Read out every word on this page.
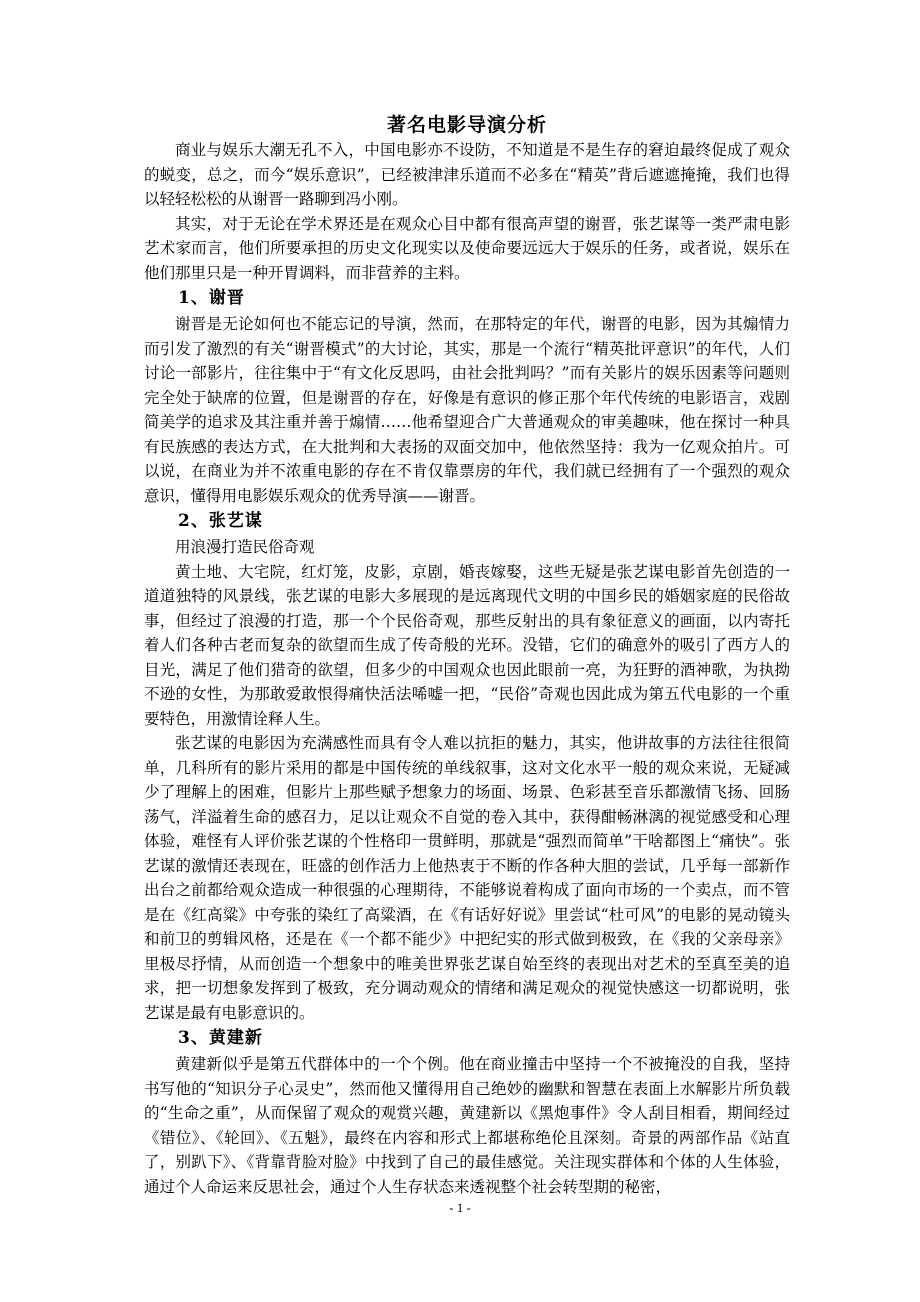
著名电影导演分析

商业与娱乐大潮无孔不入，中国电影亦不设防，不知道是不是生存的窘迫最终促成了观众的蜕变，总之，而今“娱乐意识”，已经被津津乐道而不必多在“精英”背后遮遮掩掩，我们也得以轻轻松松的从谢晋一路聊到冯小刚。

其实，对于无论在学术界还是在观众心目中都有很高声望的谢晋，张艺谋等一类严肃电影艺术家而言，他们所要承担的历史文化现实以及使命要远远大于娱乐的任务，或者说，娱乐在他们那里只是一种开胃调料，而非营养的主料。

1、谢晋

谢晋是无论如何也不能忘记的导演，然而，在那特定的年代，谢晋的电影，因为其煽情力而引发了激烈的有关“谢晋模式”的大讨论，其实，那是一个流行“精英批评意识”的年代，人们讨论一部影片，往往集中于“有文化反思吗，由社会批判吗？”而有关影片的娱乐因素等问题则完全处于缺席的位置，但是谢晋的存在，好像是有意识的修正那个年代传统的电影语言，戏剧简美学的追求及其注重并善于煽情……他希望迎合广大普通观众的审美趣味，他在探讨一种具有民族感的表达方式，在大批判和大表扬的双面交加中，他依然坚持：我为一亿观众拍片。可以说，在商业为并不浓重电影的存在不肯仅靠票房的年代，我们就已经拥有了一个强烈的观众意识，懂得用电影娱乐观众的优秀导演——谢晋。

2、张艺谋

用浪漫打造民俗奇观

黄土地、大宅院，红灯笼，皮影，京剧，婚丧嫁娶，这些无疑是张艺谋电影首先创造的一道道独特的风景线，张艺谋的电影大多展现的是远离现代文明的中国乡民的婚姻家庭的民俗故事，但经过了浪漫的打造，那一个个民俗奇观，那些反射出的具有象征意义的画面，以内寄托着人们各种古老而复杂的欲望而生成了传奇般的光环。没错，它们的确意外的吸引了西方人的目光，满足了他们猎奇的欲望，但多少的中国观众也因此眼前一亮，为狂野的酒神歌，为执拗不逊的女性，为那敢爱敢恨得痛快活法唏嘘一把，“民俗”奇观也因此成为第五代电影的一个重要特色，用激情诠释人生。

张艺谋的电影因为充满感性而具有令人难以抗拒的魅力，其实，他讲故事的方法往往很简单，几科所有的影片采用的都是中国传统的单线叙事，这对文化水平一般的观众来说，无疑减少了理解上的困难，但影片上那些赋予想象力的场面、场景、色彩甚至音乐都激情飞扬、回肠荡气，洋溢着生命的感召力，足以让观众不自觉的卷入其中，获得酣畅淋漓的视觉感受和心理体验，难怪有人评价张艺谋的个性格印一贯鲜明，那就是“强烈而简单”干啥都图上“痛快”。张艺谋的激情还表现在，旺盛的创作活力上他热衷于不断的作各种大胆的尝试，几乎每一部新作出台之前都给观众造成一种很强的心理期待，不能够说着构成了面向市场的一个卖点，而不管是在《红高粱》中夸张的染红了高粱酒，在《有话好好说》里尝试“杜可风”的电影的晃动镜头和前卫的剪辑风格，还是在《一个都不能少》中把纪实的形式做到极致，在《我的父亲母亲》里极尽抒情，从而创造一个想象中的唯美世界张艺谋自始至终的表现出对艺术的至真至美的追求，把一切想象发挥到了极致，充分调动观众的情绪和满足观众的视觉快感这一切都说明，张艺谋是最有电影意识的。

3、黄建新

黄建新似乎是第五代群体中的一个个例。他在商业撞击中坚持一个不被掩没的自我，坚持书写他的“知识分子心灵史”，然而他又懂得用自己绝妙的幽默和智慧在表面上水解影片所负载的“生命之重”，从而保留了观众的观赏兴趣，黄建新以《黑炮事件》令人刮目相看，期间经过《错位》、《轮回》、《五魁》，最终在内容和形式上都堪称绝伦且深刻。奇景的两部作品《站直了，别趴下》、《背靠背脸对脸》中找到了自己的最佳感觉。关注现实群体和个体的人生体验，通过个人命运来反思社会，通过个人生存状态来透视整个社会转型期的秘密，

- 1 -
